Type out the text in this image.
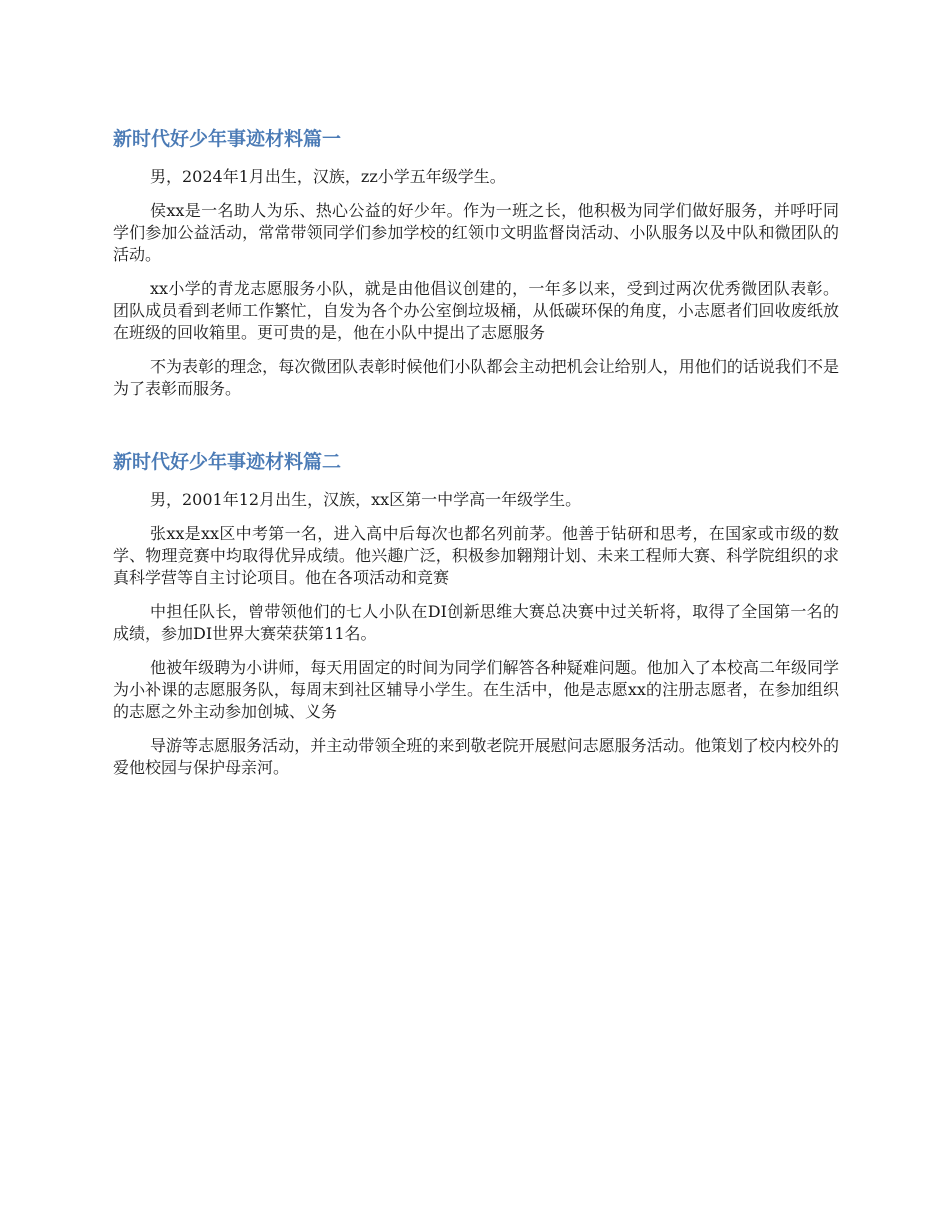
新时代好少年事迹材料篇一

男，2024年1月出生，汉族，zz小学五年级学生。

侯xx是一名助人为乐、热心公益的好少年。作为一班之长，他积极为同学们做好服务，并呼吁同学们参加公益活动，常常带领同学们参加学校的红领巾文明监督岗活动、小队服务以及中队和微团队的活动。

xx小学的青龙志愿服务小队，就是由他倡议创建的，一年多以来，受到过两次优秀微团队表彰。团队成员看到老师工作繁忙，自发为各个办公室倒垃圾桶，从低碳环保的角度，小志愿者们回收废纸放在班级的回收箱里。更可贵的是，他在小队中提出了志愿服务

不为表彰的理念，每次微团队表彰时候他们小队都会主动把机会让给别人，用他们的话说我们不是为了表彰而服务。

新时代好少年事迹材料篇二

男，2001年12月出生，汉族，xx区第一中学高一年级学生。

张xx是xx区中考第一名，进入高中后每次也都名列前茅。他善于钻研和思考，在国家或市级的数学、物理竞赛中均取得优异成绩。他兴趣广泛，积极参加翱翔计划、未来工程师大赛、科学院组织的求真科学营等自主讨论项目。他在各项活动和竞赛

中担任队长，曾带领他们的七人小队在DI创新思维大赛总决赛中过关斩将，取得了全国第一名的成绩，参加DI世界大赛荣获第11名。

他被年级聘为小讲师，每天用固定的时间为同学们解答各种疑难问题。他加入了本校高二年级同学为小补课的志愿服务队，每周末到社区辅导小学生。在生活中，他是志愿xx的注册志愿者，在参加组织的志愿之外主动参加创城、义务

导游等志愿服务活动，并主动带领全班的来到敬老院开展慰问志愿服务活动。他策划了校内校外的爱他校园与保护母亲河。
